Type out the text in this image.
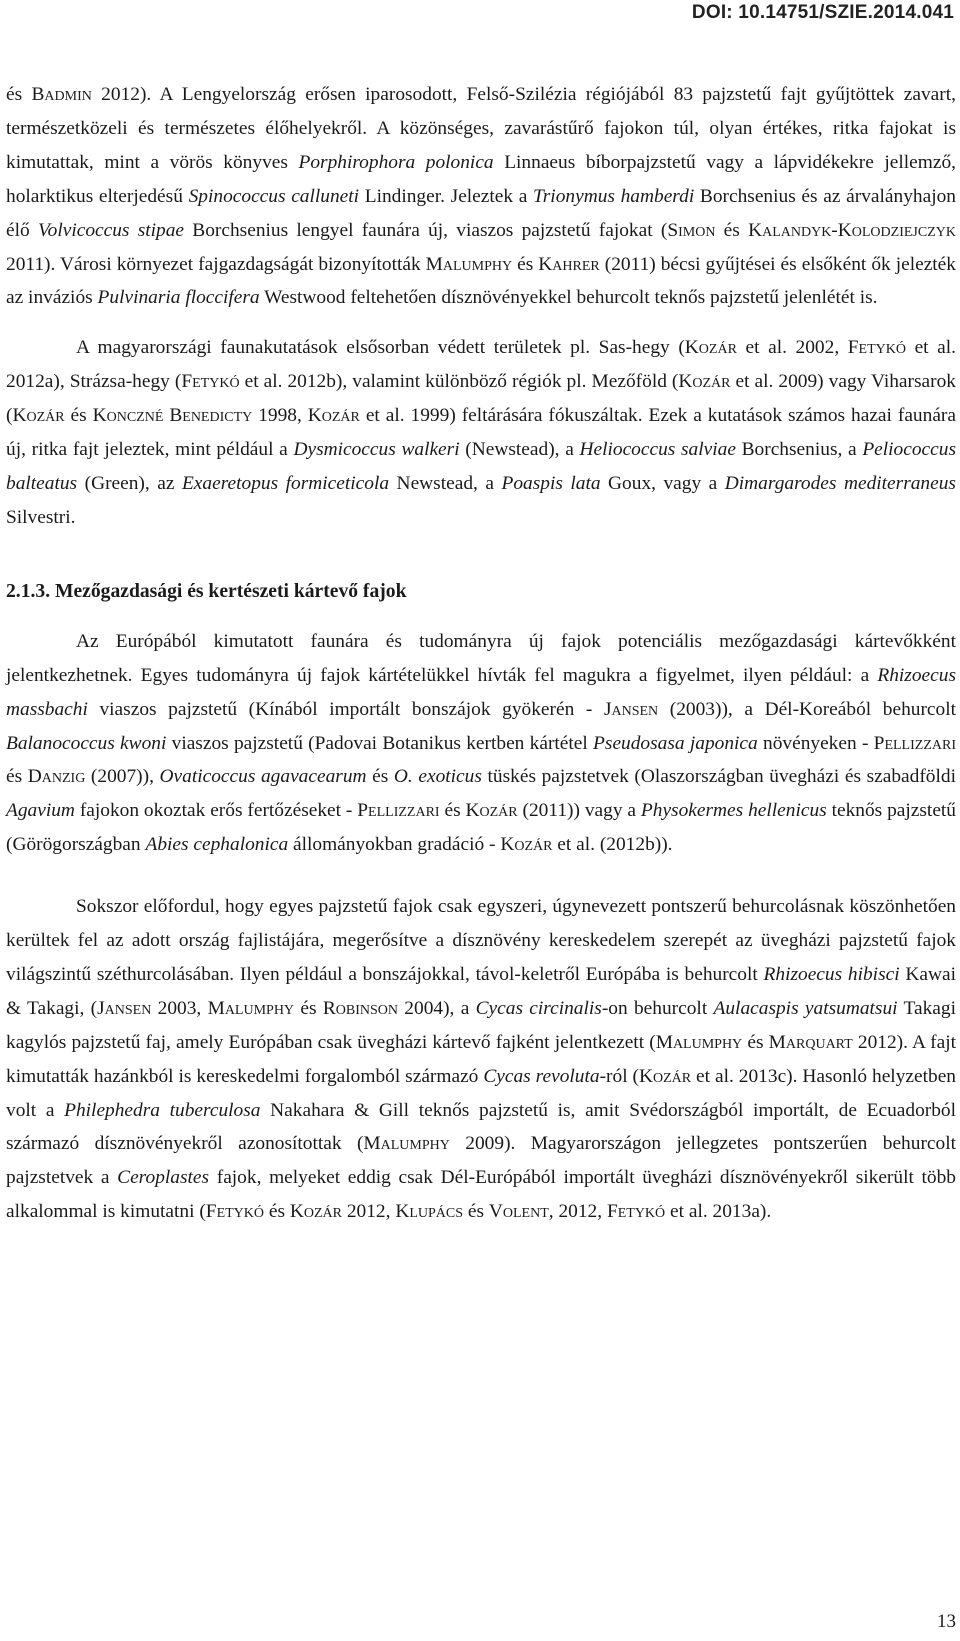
DOI: 10.14751/SZIE.2014.041

és Badmin 2012). A Lengyelország erősen iparosodott, Felső-Szilézia régiójából 83 pajzstetű fajt gyűjtöttek zavart, természetközeli és természetes élőhelyekről. A közönséges, zavarástűrő fajokon túl, olyan értékes, ritka fajokat is kimutattak, mint a vörös könyves Porphirophora polonica Linnaeus bíborpajzstetű vagy a lápvidékekre jellemző, holarktikus elterjedésű Spinococcus calluneti Lindinger. Jeleztek a Trionymus hamberdi Borchsenius és az árvalányhajon élő Volvicoccus stipae Borchsenius lengyel faunára új, viaszos pajzstetű fajokat (Simon és Kalandyk-Kolodziejczyk 2011). Városi környezet fajgazdagságát bizonyították Malumphy és Kahrer (2011) bécsi gyűjtései és elsőként ők jelezték az inváziós Pulvinaria floccifera Westwood feltehetően dísznövényekkel behurcolt teknős pajzstetű jelenlétét is.

A magyarországi faunakutatások elsősorban védett területek pl. Sas-hegy (Kozár et al. 2002, Fetykó et al. 2012a), Strázsa-hegy (Fetykó et al. 2012b), valamint különböző régiók pl. Mezőföld (Kozár et al. 2009) vagy Viharsarok (Kozár és Konczné Benedicty 1998, Kozár et al. 1999) feltárására fókuszáltak. Ezek a kutatások számos hazai faunára új, ritka fajt jeleztek, mint például a Dysmicoccus walkeri (Newstead), a Heliococcus salviae Borchsenius, a Peliococcus balteatus (Green), az Exaeretopus formiceticola Newstead, a Poaspis lata Goux, vagy a Dimargarodes mediterraneus Silvestri.

2.1.3. Mezőgazdasági és kertészeti kártevő fajok

Az Európából kimutatott faunára és tudományra új fajok potenciális mezőgazdasági kártevőkként jelentkezhetnek. Egyes tudományra új fajok kártételükkel hívták fel magukra a figyelmet, ilyen például: a Rhizoecus massbachi viaszos pajzstetű (Kínából importált bonszájok gyökerén - Jansen (2003)), a Dél-Koreából behurcolt Balanococcus kwoni viaszos pajzstetű (Padovai Botanikus kertben kártétel Pseudosasa japonica növényeken - Pellizzari és Danzig (2007)), Ovaticoccus agavacearum és O. exoticus tüskés pajzstetvek (Olaszországban üvegházi és szabadföldi Agavium fajokon okoztak erős fertőzéseket - Pellizzari és Kozár (2011)) vagy a Physokermes hellenicus teknős pajzstetű (Görögországban Abies cephalonica állományokban gradáció - Kozár et al. (2012b)).

Sokszor előfordul, hogy egyes pajzstetű fajok csak egyszeri, úgynevezett pontszerű behurcolásnak köszönhetően kerültek fel az adott ország fajlistájára, megerősítve a dísznövény kereskedelem szerepét az üvegházi pajzstetű fajok világszintű széthurcolásában. Ilyen például a bonszájokkal, távol-keletről Európába is behurcolt Rhizoecus hibisci Kawai & Takagi, (Jansen 2003, Malumphy és Robinson 2004), a Cycas circinalis-on behurcolt Aulacaspis yatsumatsui Takagi kagylós pajzstetű faj, amely Európában csak üvegházi kártevő fajként jelentkezett (Malumphy és Marquart 2012). A fajt kimutatták hazánkból is kereskedelmi forgalomból származó Cycas revoluta-ról (Kozár et al. 2013c). Hasonló helyzetben volt a Philephedra tuberculosa Nakahara & Gill teknős pajzstetű is, amit Svédországból importált, de Ecuadorból származó dísznövényekről azonosítottak (Malumphy 2009). Magyarországon jellegzetes pontszerűen behurcolt pajzstetvek a Ceroplastes fajok, melyeket eddig csak Dél-Európából importált üvegházi dísznövényekről sikerült több alkalommal is kimutatni (Fetykó és Kozár 2012, Klupács és Volent, 2012, Fetykó et al. 2013a).

13
